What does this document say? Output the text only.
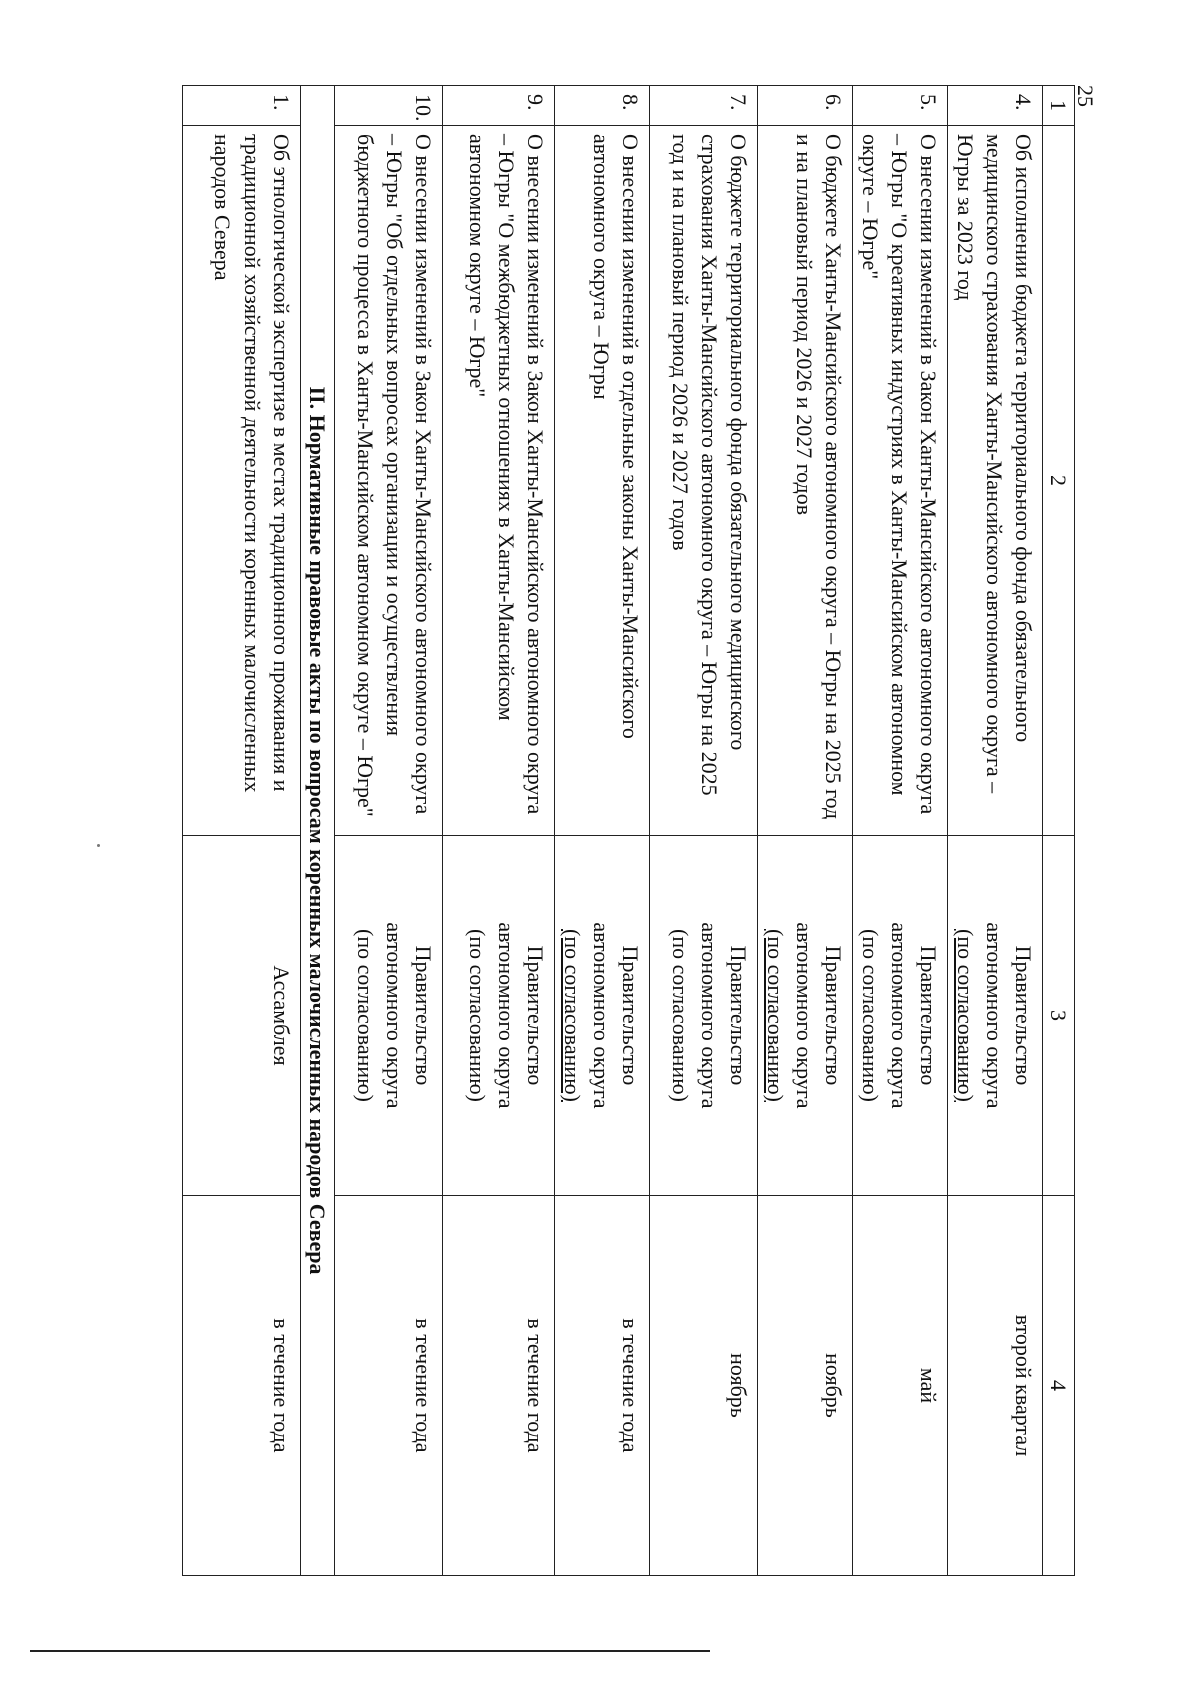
25
1	2	3	4
4.	Об исполнении бюджета территориального фонда обязательного медицинского страхования Ханты-Мансийского автономного округа – Югры за 2023 год	Правительство
автономного округа
(по согласованию)	второй квартал
5.	О внесении изменений в Закон Ханты-Мансийского автономного округа – Югры "О креативных индустриях в Ханты-Мансийском автономном округе – Югре"	Правительство
автономного округа
(по согласованию)	май
6.	О бюджете Ханты-Мансийского автономного округа – Югры на 2025 год и на плановый период 2026 и 2027 годов	Правительство
автономного округа
(по согласованию)	ноябрь
7.	О бюджете территориального фонда обязательного медицинского страхования Ханты-Мансийского автономного округа – Югры на 2025 год и на плановый период 2026 и 2027 годов	Правительство
автономного округа
(по согласованию)	ноябрь
8.	О внесении изменений в отдельные законы Ханты-Мансийского автономного округа – Югры	Правительство
автономного округа
(по согласованию)	в течение года
9.	О внесении изменений в Закон Ханты-Мансийского автономного округа – Югры "О межбюджетных отношениях в Ханты-Мансийском автономном округе – Югре"	Правительство
автономного округа
(по согласованию)	в течение года
10.	О внесении изменений в Закон Ханты-Мансийского автономного округа – Югры "Об отдельных вопросах организации и осуществления бюджетного процесса в Ханты-Мансийском автономном округе – Югре"	Правительство
автономного округа
(по согласованию)	в течение года
II. Нормативные правовые акты по вопросам коренных малочисленных народов Севера			
1.	Об этнологической экспертизе в местах традиционного проживания и традиционной хозяйственной деятельности коренных малочисленных народов Севера	Ассамблея	в течение года
